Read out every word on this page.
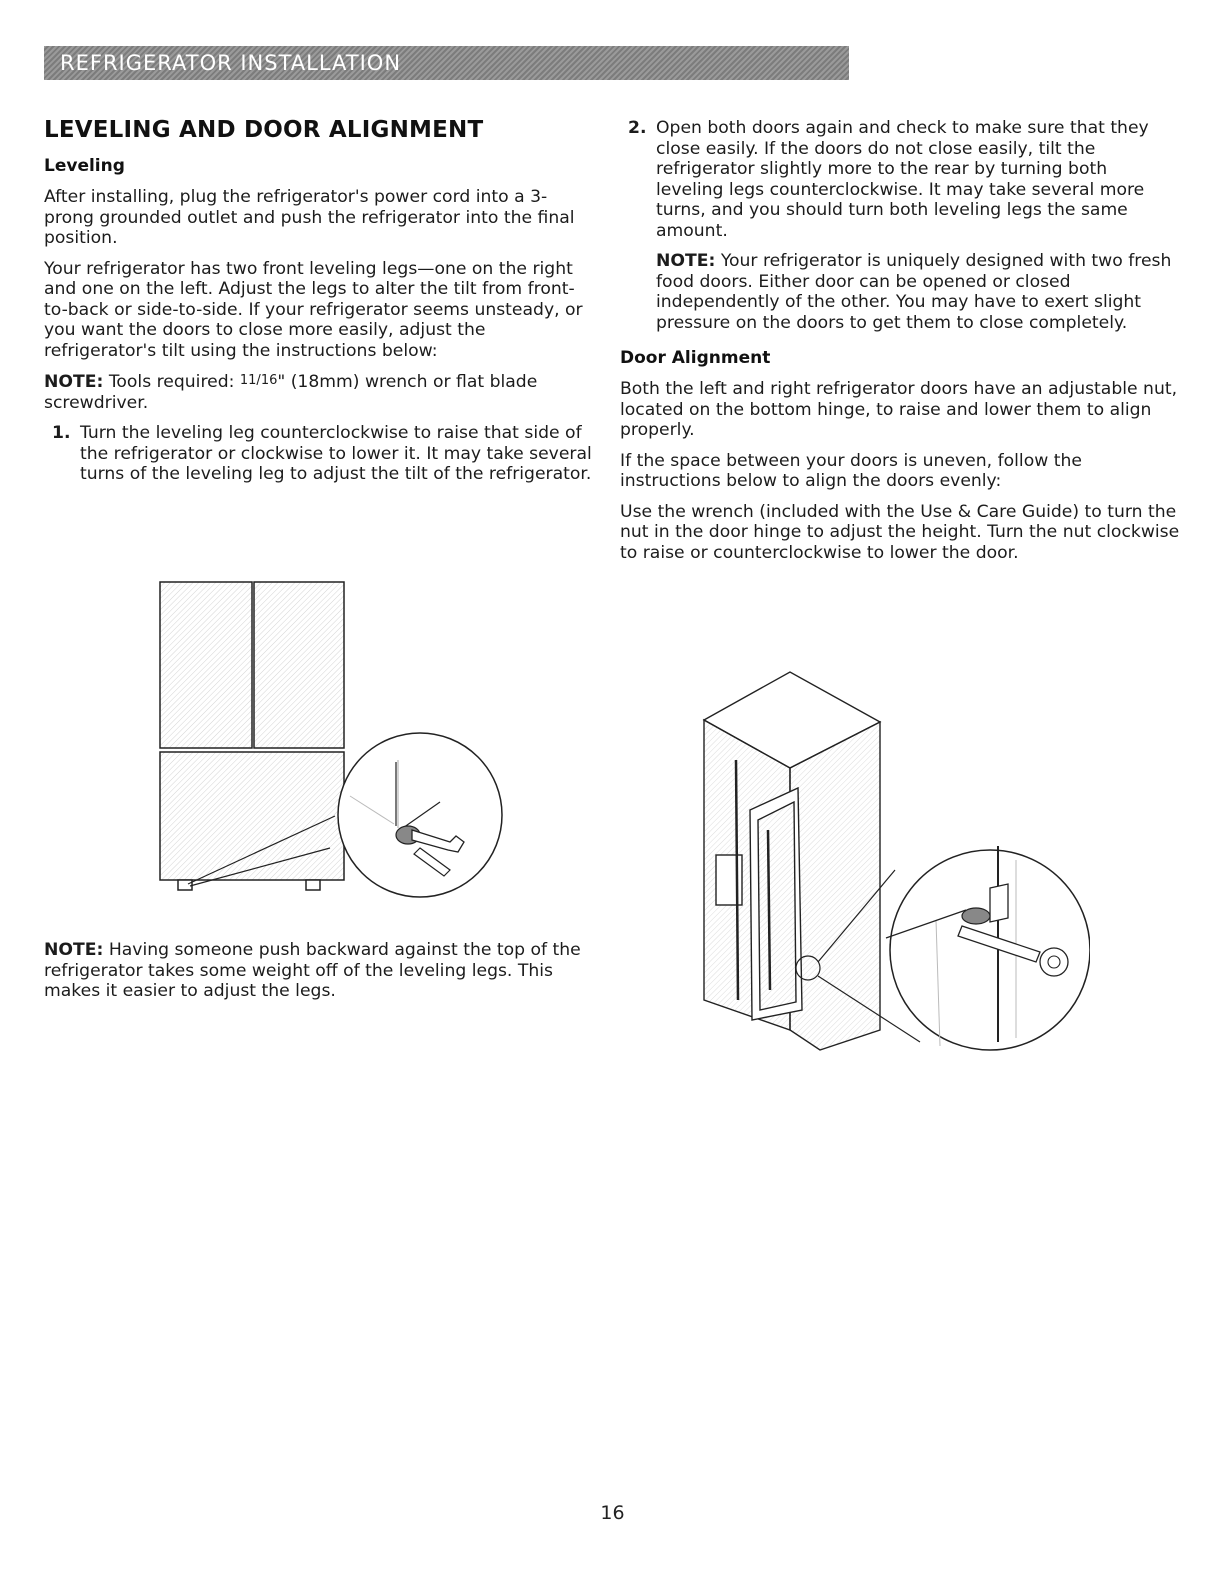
REFRIGERATOR INSTALLATION
LEVELING AND DOOR ALIGNMENT
Leveling

After installing, plug the refrigerator's power cord into a 3-prong grounded outlet and push the refrigerator into the final position.

Your refrigerator has two front leveling legs—one on the right and one on the left. Adjust the legs to alter the tilt from front-to-back or side-to-side. If your refrigerator seems unsteady, or you want the doors to close more easily, adjust the refrigerator's tilt using the instructions below:

NOTE: Tools required: 11/16" (18mm) wrench or flat blade screwdriver.

1. Turn the leveling leg counterclockwise to raise that side of the refrigerator or clockwise to lower it. It may take several turns of the leveling leg to adjust the tilt of the refrigerator.

NOTE: Having someone push backward against the top of the refrigerator takes some weight off of the leveling legs. This makes it easier to adjust the legs.

2. Open both doors again and check to make sure that they close easily. If the doors do not close easily, tilt the refrigerator slightly more to the rear by turning both leveling legs counterclockwise. It may take several more turns, and you should turn both leveling legs the same amount.

NOTE: Your refrigerator is uniquely designed with two fresh food doors. Either door can be opened or closed independently of the other. You may have to exert slight pressure on the doors to get them to close completely.

Door Alignment

Both the left and right refrigerator doors have an adjustable nut, located on the bottom hinge, to raise and lower them to align properly.

If the space between your doors is uneven, follow the instructions below to align the doors evenly:

Use the wrench (included with the Use & Care Guide) to turn the nut in the door hinge to adjust the height. Turn the nut clockwise to raise or counterclockwise to lower the door.

16
